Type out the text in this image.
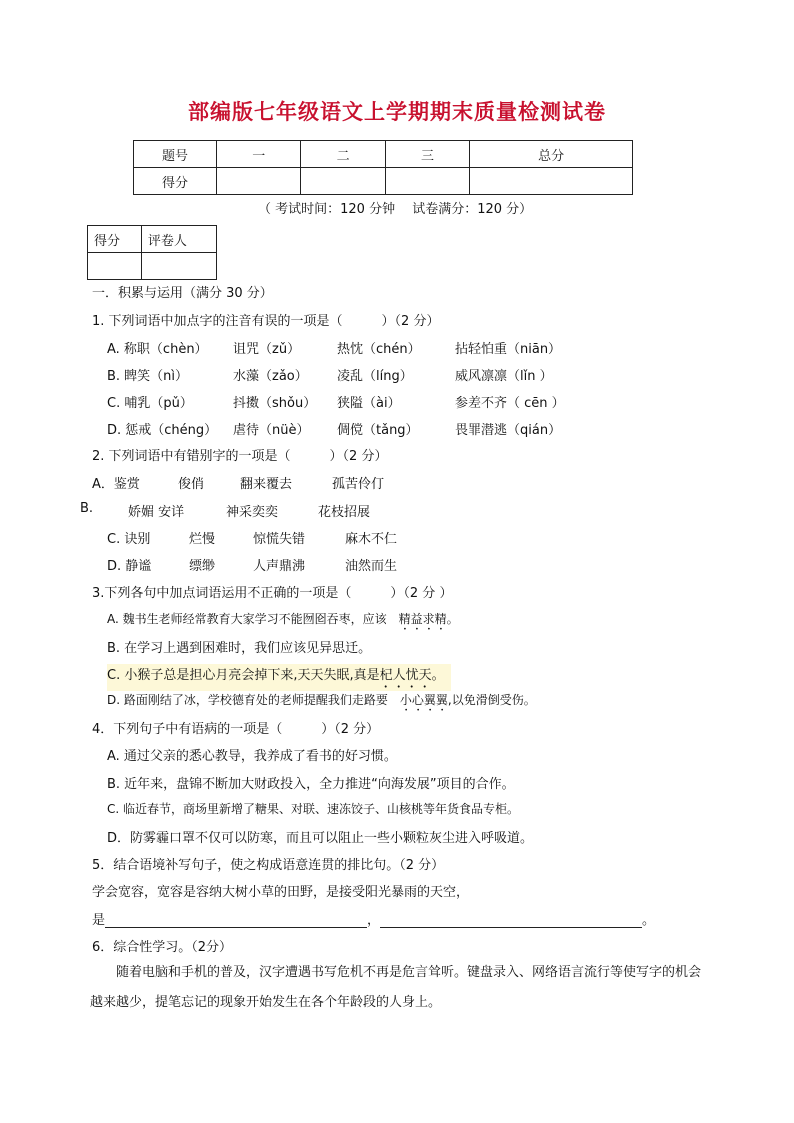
部编版七年级语文上学期期末质量检测试卷
题号	一	二	三	总分
得分				
（ 考试时间：120 分钟　 试卷满分：120 分）
得分	评卷人

一．积累与运用（满分 30 分）
1. 下列词语中加点字的注音有误的一项是（　　　）（2 分）
A. 称职（chèn） 诅咒（zǔ）	热忱（chén）	拈轻怕重（niān）
B. 睥笑（nì）	水藻（zǎo） 凌乱（líng）	威风凛凛（lǐn ）
C. 哺乳（pǔ）	抖擞（shǒu） 狭隘（ài）	参差不齐（ cēn ）
D. 惩戒（chéng） 虐待（nüè） 倜傥（tǎng）	畏罪潜逃（qián）
2. 下列词语中有错别字的一项是（　　　）（2 分）
A．鉴赏	俊俏	翻来覆去	孤苦伶仃
B.	娇媚 安详	神采奕奕	花枝招展
C. 诀别	烂慢	惊慌失错	麻木不仁
D. 静谧	缥缈	人声鼎沸	油然而生
3.下列各句中加点词语运用不正确的一项是（　　　）（2 分 ）
A. 魏书生老师经常教育大家学习不能囫囵吞枣，应该　精益求精。
B. 在学习上遇到困难时，我们应该见异思迁。
C. 小猴子总是担心月亮会掉下来,天天失眠,真是杞人忧天。
D. 路面刚结了冰，学校德育处的老师提醒我们走路要　小心翼翼,以免滑倒受伤。
4．下列句子中有语病的一项是（　　　）（2 分）
A. 通过父亲的悉心教导，我养成了看书的好习惯。
B. 近年来，盘锦不断加大财政投入，全力推进“向海发展”项目的合作。
C. 临近春节，商场里新增了糖果、对联、速冻饺子、山核桃等年货食品专柜。
D．防雾霾口罩不仅可以防寒，而且可以阻止一些小颗粒灰尘进入呼吸道。
5．结合语境补写句子，使之构成语意连贯的排比句。（2 分）
学会宽容，宽容是容纳大树小草的田野，是接受阳光暴雨的天空，
是	，	。
6．综合性学习。（2分）
随着电脑和手机的普及，汉字遭遇书写危机不再是危言耸听。键盘录入、网络语言流行等使写字的机会越来越少，提笔忘记的现象开始发生在各个年龄段的人身上。
